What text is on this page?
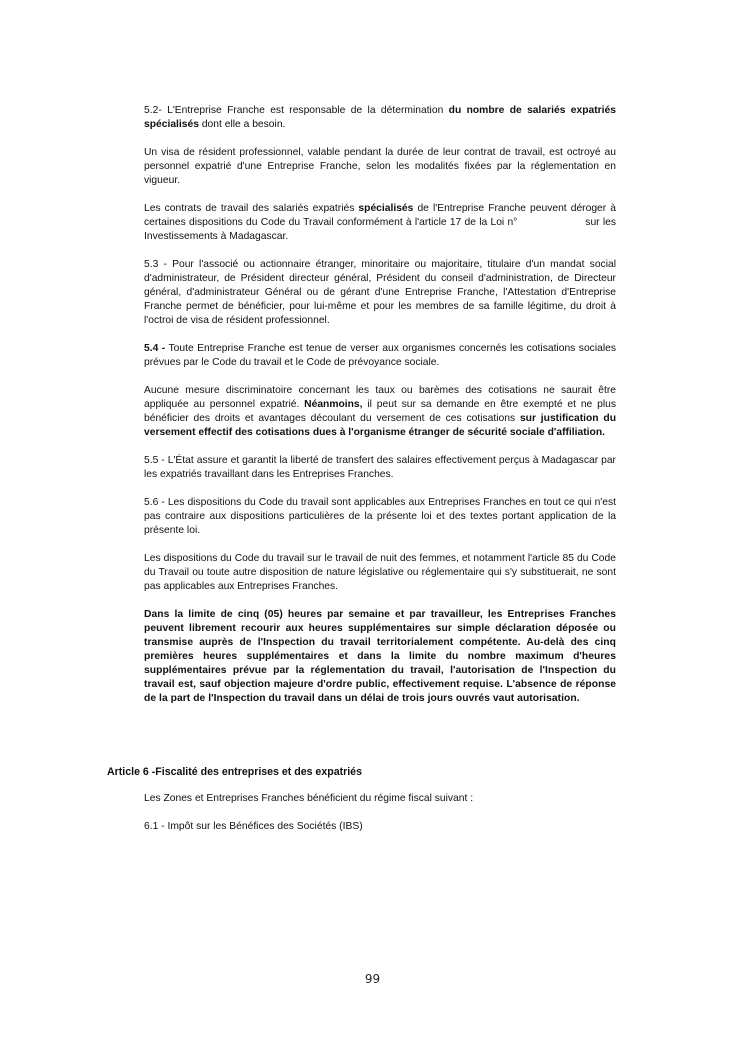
5.2- L'Entreprise Franche est responsable de la détermination du nombre de salariés expatriés spécialisés dont elle a besoin.

Un visa de résident professionnel, valable pendant la durée de leur contrat de travail, est octroyé au personnel expatrié d'une Entreprise Franche, selon les modalités fixées par la réglementation en vigueur.

Les contrats de travail des salariés expatriés spécialisés de l'Entreprise Franche peuvent déroger à certaines dispositions du Code du Travail conformément à l'article 17 de la Loi n°	sur les Investissements à Madagascar.

5.3 - Pour l'associé ou actionnaire étranger, minoritaire ou majoritaire, titulaire d'un mandat social d'administrateur, de Président directeur général, Président du conseil d'administration, de Directeur général, d'administrateur Général ou de gérant d'une Entreprise Franche, l'Attestation d'Entreprise Franche permet de bénéficier, pour lui-même et pour les membres de sa famille légitime, du droit à l'octroi de visa de résident professionnel.

5.4 - Toute Entreprise Franche est tenue de verser aux organismes concernés les cotisations sociales prévues par le Code du travail et le Code de prévoyance sociale.

Aucune mesure discriminatoire concernant les taux ou barèmes des cotisations ne saurait être appliquée au personnel expatrié. Néanmoins, il peut sur sa demande en être exempté et ne plus bénéficier des droits et avantages découlant du versement de ces cotisations sur justification du versement effectif des cotisations dues à l'organisme étranger de sécurité sociale d'affiliation.

5.5 - L'État assure et garantit la liberté de transfert des salaires effectivement perçus à Madagascar par les expatriés travaillant dans les Entreprises Franches.

5.6 - Les dispositions du Code du travail sont applicables aux Entreprises Franches en tout ce qui n'est pas contraire aux dispositions particulières de la présente loi et des textes portant application de la présente loi.

Les dispositions du Code du travail sur le travail de nuit des femmes, et notamment l'article 85 du Code du Travail ou toute autre disposition de nature législative ou réglementaire qui s'y substituerait, ne sont pas applicables aux Entreprises Franches.

Dans la limite de cinq (05) heures par semaine et par travailleur, les Entreprises Franches peuvent librement recourir aux heures supplémentaires sur simple déclaration déposée ou transmise auprès de l'Inspection du travail territorialement compétente. Au-delà des cinq premières heures supplémentaires et dans la limite du nombre maximum d'heures supplémentaires prévue par la réglementation du travail, l'autorisation de l'Inspection du travail est, sauf objection majeure d'ordre public, effectivement requise. L'absence de réponse de la part de l'Inspection du travail dans un délai de trois jours ouvrés vaut autorisation.

Article 6 -Fiscalité des entreprises et des expatriés

Les Zones et Entreprises Franches bénéficient du régime fiscal suivant :

6.1 - Impôt sur les Bénéfices des Sociétés (IBS)

99
